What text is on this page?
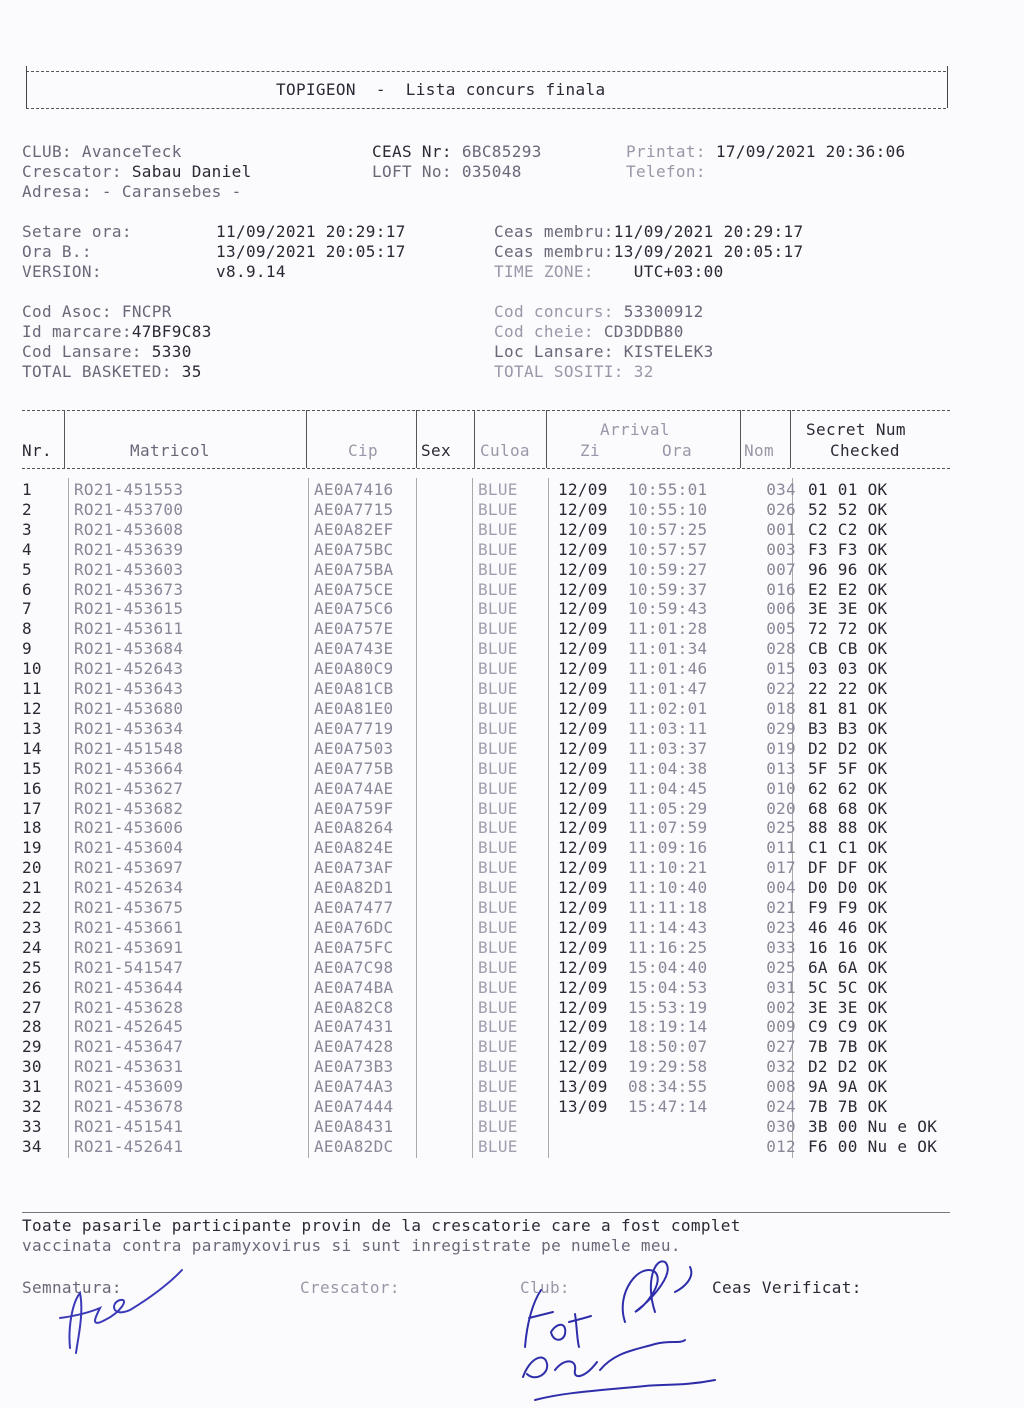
TOPIGEON - Lista concurs finala
CLUB: AvanceTeck
Crescator: Sabau Daniel
Adresa: - Caransebes -
CEAS Nr: 6BC85293
LOFT No: 035048
Printat: 17/09/2021 20:36:06
Telefon:
Setare ora:	11/09/2021 20:29:17
Ora B.:	13/09/2021 20:05:17
VERSION:	v8.9.14
Ceas membru:11/09/2021 20:29:17
Ceas membru:13/09/2021 20:05:17
TIME ZONE: UTC+03:00
Cod Asoc: FNCPR
Id marcare:47BF9C83
Cod Lansare: 5330
TOTAL BASKETED: 35
Cod concurs: 53300912
Cod cheie: CD3DDB80
Loc Lansare: KISTELEK3
TOTAL SOSITI: 32
Nr.	Matricol	Cip	Sex Culoa
Arrival
Zi	Ora	Nom
Secret Num
Checked
1	RO21-451553	AE0A7416		BLUE	12/09	10:55:01	034	01 01 OK
2	RO21-453700	AE0A7715		BLUE	12/09	10:55:10	026	52 52 OK
3	RO21-453608	AE0A82EF		BLUE	12/09	10:57:25	001	C2 C2 OK
4	RO21-453639	AE0A75BC		BLUE	12/09	10:57:57	003	F3 F3 OK
5	RO21-453603	AE0A75BA		BLUE	12/09	10:59:27	007	96 96 OK
6	RO21-453673	AE0A75CE		BLUE	12/09	10:59:37	016	E2 E2 OK
7	RO21-453615	AE0A75C6		BLUE	12/09	10:59:43	006	3E 3E OK
8	RO21-453611	AE0A757E		BLUE	12/09	11:01:28	005	72 72 OK
9	RO21-453684	AE0A743E		BLUE	12/09	11:01:34	028	CB CB OK
10	RO21-452643	AE0A80C9		BLUE	12/09	11:01:46	015	03 03 OK
11	RO21-453643	AE0A81CB		BLUE	12/09	11:01:47	022	22 22 OK
12	RO21-453680	AE0A81E0		BLUE	12/09	11:02:01	018	81 81 OK
13	RO21-453634	AE0A7719		BLUE	12/09	11:03:11	029	B3 B3 OK
14	RO21-451548	AE0A7503		BLUE	12/09	11:03:37	019	D2 D2 OK
15	RO21-453664	AE0A775B		BLUE	12/09	11:04:38	013	5F 5F OK
16	RO21-453627	AE0A74AE		BLUE	12/09	11:04:45	010	62 62 OK
17	RO21-453682	AE0A759F		BLUE	12/09	11:05:29	020	68 68 OK
18	RO21-453606	AE0A8264		BLUE	12/09	11:07:59	025	88 88 OK
19	RO21-453604	AE0A824E		BLUE	12/09	11:09:16	011	C1 C1 OK
20	RO21-453697	AE0A73AF		BLUE	12/09	11:10:21	017	DF DF OK
21	RO21-452634	AE0A82D1		BLUE	12/09	11:10:40	004	D0 D0 OK
22	RO21-453675	AE0A7477		BLUE	12/09	11:11:18	021	F9 F9 OK
23	RO21-453661	AE0A76DC		BLUE	12/09	11:14:43	023	46 46 OK
24	RO21-453691	AE0A75FC		BLUE	12/09	11:16:25	033	16 16 OK
25	RO21-541547	AE0A7C98		BLUE	12/09	15:04:40	025	6A 6A OK
26	RO21-453644	AE0A74BA		BLUE	12/09	15:04:53	031	5C 5C OK
27	RO21-453628	AE0A82C8		BLUE	12/09	15:53:19	002	3E 3E OK
28	RO21-452645	AE0A7431		BLUE	12/09	18:19:14	009	C9 C9 OK
29	RO21-453647	AE0A7428		BLUE	12/09	18:50:07	027	7B 7B OK
30	RO21-453631	AE0A73B3		BLUE	12/09	19:29:58	032	D2 D2 OK
31	RO21-453609	AE0A74A3		BLUE	13/09	08:34:55	008	9A 9A OK
32	RO21-453678	AE0A7444		BLUE	13/09	15:47:14	024	7B 7B OK
33	RO21-451541	AE0A8431		BLUE			030	3B 00 Nu e OK
34	RO21-452641	AE0A82DC		BLUE			012	F6 00 Nu e OK
Toate pasarile participante provin de la crescatorie care a fost complet
vaccinata contra paramyxovirus si sunt inregistrate pe numele meu.
Semnatura:	Crescator:	Club:	Ceas Verificat:
Fot
Sgarie
